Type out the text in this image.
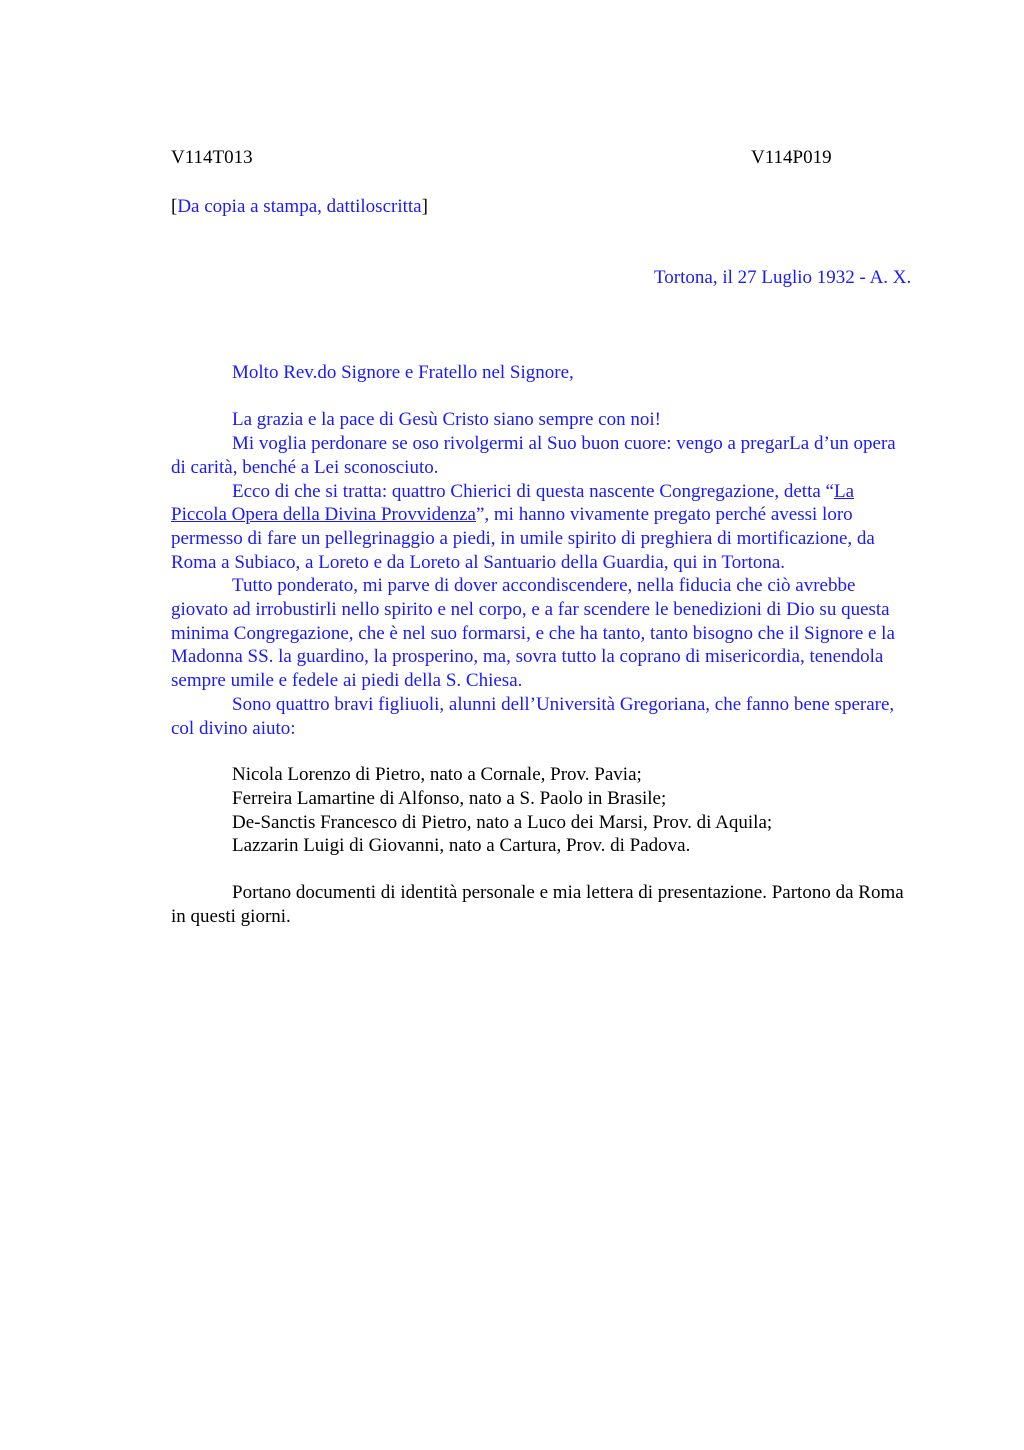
V114T013	V114P019
[Da copia a stampa, dattiloscritta]
Tortona, il 27 Luglio 1932 - A. X.

Molto Rev.do Signore e Fratello nel Signore,

La grazia e la pace di Gesù Cristo siano sempre con noi!

Mi voglia perdonare se oso rivolgermi al Suo buon cuore: vengo a pregarLa d’un opera di carità, benché a Lei sconosciuto.

Ecco di che si tratta: quattro Chierici di questa nascente Congregazione, detta “La Piccola Opera della Divina Provvidenza”, mi hanno vivamente pregato perché avessi loro permesso di fare un pellegrinaggio a piedi, in umile spirito di preghiera di mortificazione, da Roma a Subiaco, a Loreto e da Loreto al Santuario della Guardia, qui in Tortona.

Tutto ponderato, mi parve di dover accondiscendere, nella fiducia che ciò avrebbe giovato ad irrobustirli nello spirito e nel corpo, e a far scendere le benedizioni di Dio su questa minima Congregazione, che è nel suo formarsi, e che ha tanto, tanto bisogno che il Signore e la Madonna SS. la guardino, la prosperino, ma, sovra tutto la coprano di misericordia, tenendola sempre umile e fedele ai piedi della S. Chiesa.

Sono quattro bravi figliuoli, alunni dell’Università Gregoriana, che fanno bene sperare, col divino aiuto:

Nicola Lorenzo di Pietro, nato a Cornale, Prov. Pavia;
Ferreira Lamartine di Alfonso, nato a S. Paolo in Brasile;
De-Sanctis Francesco di Pietro, nato a Luco dei Marsi, Prov. di Aquila;
Lazzarin Luigi di Giovanni, nato a Cartura, Prov. di Padova.

Portano documenti di identità personale e mia lettera di presentazione. Partono da Roma in questi giorni.
